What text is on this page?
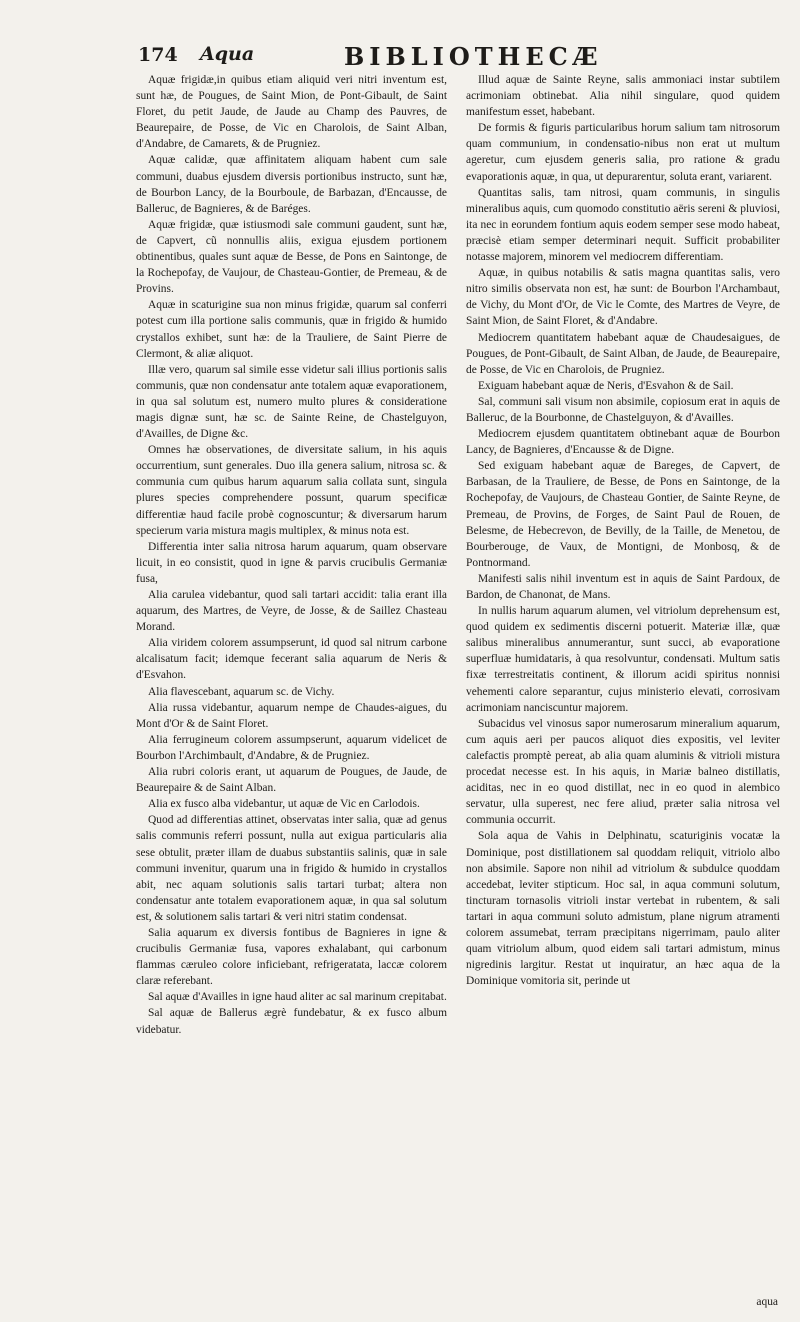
174 Aqua	BIBLIOTHECÆ

Aquæ frigidæ,in quibus etiam aliquid veri nitri inventum est, sunt hæ, de Pougues, de Saint Mion, de Pont-Gibault, de Saint Floret, du petit Jaude, de Jaude au Champ des Pauvres, de Beaurepaire, de Posse, de Vic en Charolois, de Saint Alban, d'Andabre, de Camarets, & de Prugniez.

Aquæ calidæ, quæ affinitatem aliquam habent cum sale communi, duabus ejusdem diversis portionibus instructo, sunt hæ, de Bourbon Lancy, de la Bourboule, de Barbazan, d'Encausse, de Balleruc, de Bagnieres, & de Baréges.

Aquæ frigidæ, quæ istiusmodi sale communi gaudent, sunt hæ, de Capvert, cũ nonnullis aliis, exigua ejusdem portionem obtinentibus, quales sunt aquæ de Besse, de Pons en Saintonge, de la Rochepofay, de Vaujour, de Chasteau-Gontier, de Premeau, & de Provins.

Aquæ in scaturigine sua non minus frigidæ, quarum sal conferri potest cum illa portione salis communis, quæ in frigido & humido crystallos exhibet, sunt hæ: de la Trauliere, de Saint Pierre de Clermont, & aliæ aliquot.

Illæ vero, quarum sal simile esse videtur sali illius portionis salis communis, quæ non condensatur ante totalem aquæ evaporationem, in qua sal solutum est, numero multo plures & consideratione magis dignæ sunt, hæ sc. de Sainte Reine, de Chastelguyon, d'Availles, de Digne &c.

Omnes hæ observationes, de diversitate salium, in his aquis occurrentium, sunt generales. Duo illa genera salium, nitrosa sc. & communia cum quibus harum aquarum salia collata sunt, singula plures species comprehendere possunt, quarum specificæ differentiæ haud facile probè cognoscuntur; & diversarum harum specierum varia mistura magis multiplex, & minus nota est.

Differentia inter salia nitrosa harum aquarum, quam observare licuit, in eo consistit, quod in igne & parvis crucibulis Germaniæ fusa,

Alia carulea videbantur, quod sali tartari accidit: talia erant illa aquarum, des Martres, de Veyre, de Josse, & de Saillez Chasteau Morand.

Alia viridem colorem assumpserunt, id quod sal nitrum carbone alcalisatum facit; idemque fecerant salia aquarum de Neris & d'Esvahon.

Alia flavescebant, aquarum sc. de Vichy.

Alia russa videbantur, aquarum nempe de Chaudes-aigues, du Mont d'Or & de Saint Floret.

Alia ferrugineum colorem assumpserunt, aquarum videlicet de Bourbon l'Archimbault, d'Andabre, & de Prugniez.

Alia rubri coloris erant, ut aquarum de Pougues, de Jaude, de Beaurepaire & de Saint Alban.

Alia ex fusco alba videbantur, ut aquæ de Vic en Carlodois.

Quod ad differentias attinet, observatas inter salia, quæ ad genus salis communis referri possunt, nulla aut exigua particularis alia sese obtulit, præter illam de duabus substantiis salinis, quæ in sale communi invenitur, quarum una in frigido & humido in crystallos abit, nec aquam solutionis salis tartari turbat; altera non condensatur ante totalem evaporationem aquæ, in qua sal solutum est, & solutionem salis tartari & veri nitri statim condensat.

Salia aquarum ex diversis fontibus de Bagnieres in igne & crucibulis Germaniæ fusa, vapores exhalabant, qui carbonum flammas cæruleo colore inficiebant, refrigeratata, laccæ colorem claræ referebant.

Sal aquæ d'Availles in igne haud aliter ac sal marinum crepitabat.

Sal aquæ de Ballerus ægrè fundebatur, & ex fusco album videbatur.

Illud aquæ de Sainte Reyne, salis ammoniaci instar subtilem acrimoniam obtinebat. Alia nihil singulare, quod quidem manifestum esset, habebant.

De formis & figuris particularibus horum salium tam nitrosorum quam communium, in condensatio-nibus non erat ut multum ageretur, cum ejusdem generis salia, pro ratione & gradu evaporationis aquæ, in qua, ut depurarentur, soluta erant, variarent.

Quantitas salis, tam nitrosi, quam communis, in singulis mineralibus aquis, cum quomodo constitutio aëris sereni & pluviosi, ita nec in eorundem fontium aquis eodem semper sese modo habeat, præcisè etiam semper determinari nequit. Sufficit probabiliter notasse majorem, minorem vel mediocrem differentiam.

Aquæ, in quibus notabilis & satis magna quantitas salis, vero nitro similis observata non est, hæ sunt: de Bourbon l'Archambaut, de Vichy, du Mont d'Or, de Vic le Comte, des Martres de Veyre, de Saint Mion, de Saint Floret, & d'Andabre.

Mediocrem quantitatem habebant aquæ de Chaudesaigues, de Pougues, de Pont-Gibault, de Saint Alban, de Jaude, de Beaurepaire, de Posse, de Vic en Charolois, de Prugniez.

Exiguam habebant aquæ de Neris, d'Esvahon & de Sail.

Sal, communi sali visum non absimile, copiosum erat in aquis de Balleruc, de la Bourbonne, de Chastelguyon, & d'Availles.

Mediocrem ejusdem quantitatem obtinebant aquæ de Bourbon Lancy, de Bagnieres, d'Encausse & de Digne.

Sed exiguam habebant aquæ de Bareges, de Capvert, de Barbasan, de la Trauliere, de Besse, de Pons en Saintonge, de la Rochepofay, de Vaujours, de Chasteau Gontier, de Sainte Reyne, de Premeau, de Provins, de Forges, de Saint Paul de Rouen, de Belesme, de Hebecrevon, de Bevilly, de la Taille, de Menetou, de Bourberouge, de Vaux, de Montigni, de Monbosq, & de Pontnormand.

Manifesti salis nihil inventum est in aquis de Saint Pardoux, de Bardon, de Chanonat, de Mans.

In nullis harum aquarum alumen, vel vitriolum deprehensum est, quod quidem ex sedimentis discerni potuerit. Materiæ illæ, quæ salibus mineralibus annumerantur, sunt succi, ab evaporatione superfluæ humidataris, à qua resolvuntur, condensati. Multum satis fixæ terrestreitatis continent, & illorum acidi spiritus nonnisi vehementi calore separantur, cujus ministerio elevati, corrosivam acrimoniam nanciscuntur majorem.

Subacidus vel vinosus sapor numerosarum mineralium aquarum, cum aquis aeri per paucos aliquot dies expositis, vel leviter calefactis promptè pereat, ab alia quam aluminis & vitrioli mistura procedat necesse est. In his aquis, in Mariæ balneo distillatis, aciditas, nec in eo quod distillat, nec in eo quod in alembico servatur, ulla superest, nec fere aliud, præter salia nitrosa vel communia occurrit.

Sola aqua de Vahis in Delphinatu, scaturiginis vocatæ la Dominique, post distillationem sal quoddam reliquit, vitriolo albo non absimile. Sapore non nihil ad vitriolum & subdulce quoddam accedebat, leviter stipticum. Hoc sal, in aqua communi solutum, tincturam tornasolis vitrioli instar vertebat in rubentem, & sali tartari in aqua communi soluto admistum, plane nigrum atramenti colorem assumebat, terram præcipitans nigerrimam, paulo aliter quam vitriolum album, quod eidem sali tartari admistum, minus nigredinis largitur. Restat ut inquiratur, an hæc aqua de la Dominique vomitoria sit, perinde ut

aqua
